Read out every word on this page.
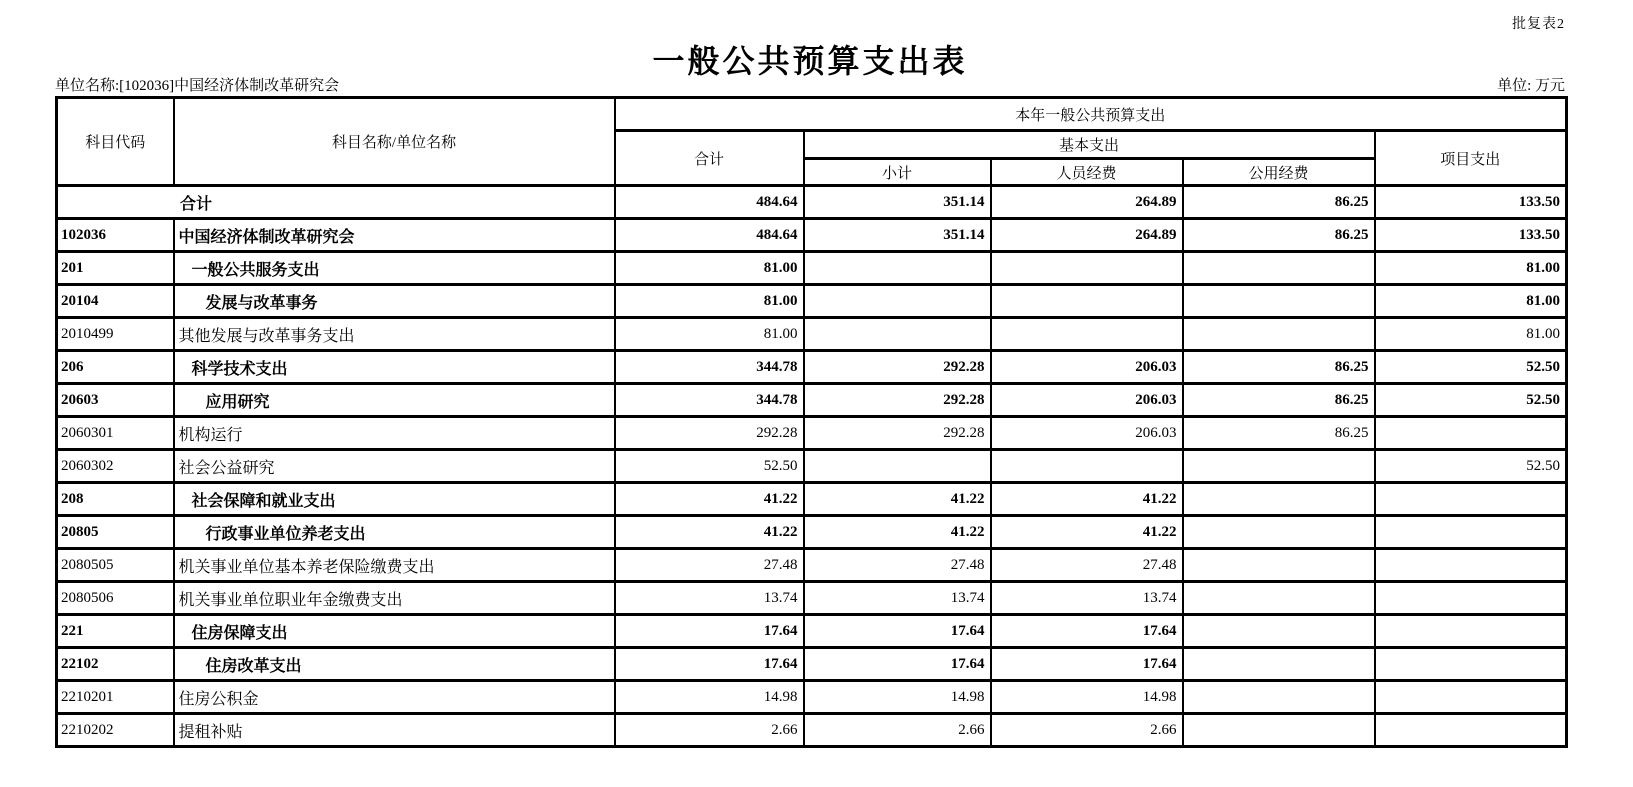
批复表2
一般公共预算支出表
单位名称:[102036]中国经济体制改革研究会	单位: 万元
科目代码	科目名称/单位名称	本年一般公共预算支出				
		合计	基本支出			项目支出
			小计	人员经费	公用经费	
合计		484.64	351.14	264.89	86.25	133.50
102036	中国经济体制改革研究会	484.64	351.14	264.89	86.25	133.50
201	一般公共服务支出	81.00				81.00
20104	发展与改革事务	81.00				81.00
2010499	其他发展与改革事务支出	81.00				81.00
206	科学技术支出	344.78	292.28	206.03	86.25	52.50
20603	应用研究	344.78	292.28	206.03	86.25	52.50
2060301	机构运行	292.28	292.28	206.03	86.25	
2060302	社会公益研究	52.50				52.50
208	社会保障和就业支出	41.22	41.22	41.22		
20805	行政事业单位养老支出	41.22	41.22	41.22		
2080505	机关事业单位基本养老保险缴费支出	27.48	27.48	27.48		
2080506	机关事业单位职业年金缴费支出	13.74	13.74	13.74		
221	住房保障支出	17.64	17.64	17.64		
22102	住房改革支出	17.64	17.64	17.64		
2210201	住房公积金	14.98	14.98	14.98		
2210202	提租补贴	2.66	2.66	2.66		
